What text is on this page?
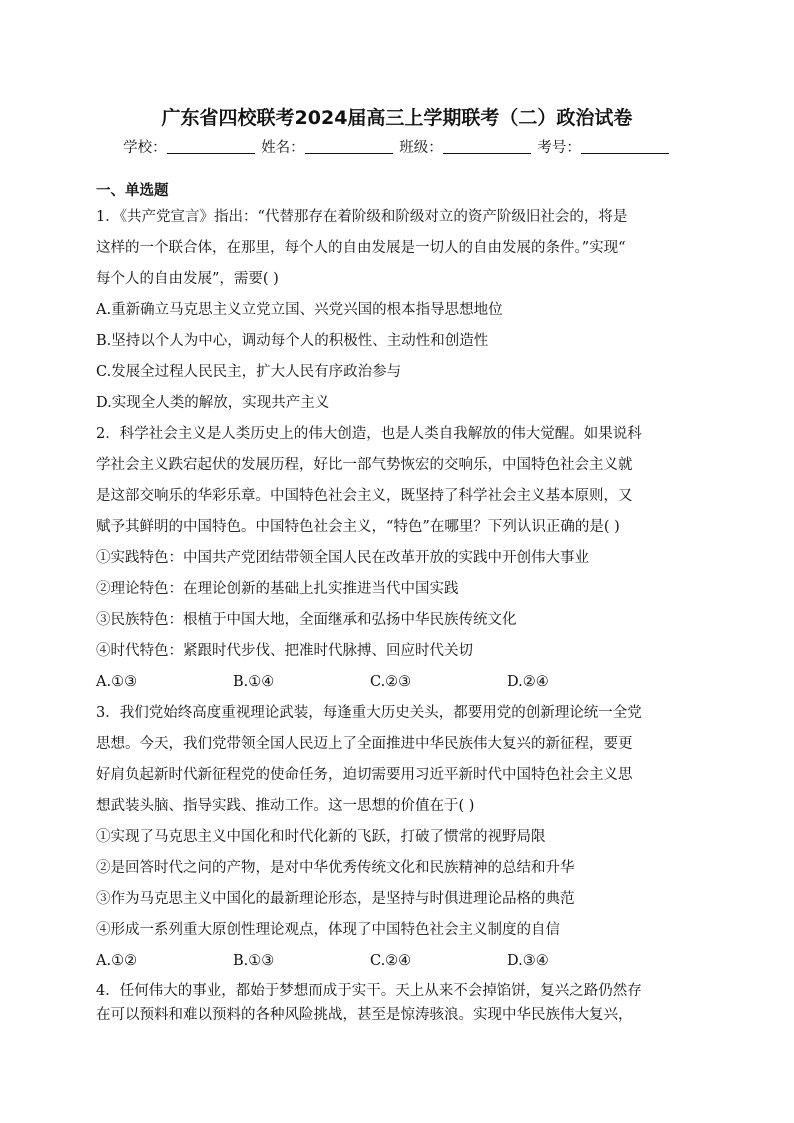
广东省四校联考2024届高三上学期联考（二）政治试卷
学校：	姓名：	班级：	考号：
一、单选题

1．《共产党宣言》指出：“代替那存在着阶级和阶级对立的资产阶级旧社会的，将是

这样的一个联合体，在那里，每个人的自由发展是一切人的自由发展的条件。”实现“

每个人的自由发展”，需要( )

A.重新确立马克思主义立党立国、兴党兴国的根本指导思想地位

B.坚持以个人为中心，调动每个人的积极性、主动性和创造性

C.发展全过程人民民主，扩大人民有序政治参与

D.实现全人类的解放，实现共产主义

2．科学社会主义是人类历史上的伟大创造，也是人类自我解放的伟大觉醒。如果说科

学社会主义跌宕起伏的发展历程，好比一部气势恢宏的交响乐，中国特色社会主义就

是这部交响乐的华彩乐章。中国特色社会主义，既坚持了科学社会主义基本原则，又

赋予其鲜明的中国特色。中国特色社会主义，“特色”在哪里？下列认识正确的是( )

①实践特色：中国共产党团结带领全国人民在改革开放的实践中开创伟大事业

②理论特色：在理论创新的基础上扎实推进当代中国实践

③民族特色：根植于中国大地，全面继承和弘扬中华民族传统文化

④时代特色：紧跟时代步伐、把准时代脉搏、回应时代关切

A.①③	B.①④	C.②③	D.②④

3．我们党始终高度重视理论武装，每逢重大历史关头，都要用党的创新理论统一全党

思想。今天，我们党带领全国人民迈上了全面推进中华民族伟大复兴的新征程，要更

好肩负起新时代新征程党的使命任务，迫切需要用习近平新时代中国特色社会主义思

想武装头脑、指导实践、推动工作。这一思想的价值在于( )

①实现了马克思主义中国化和时代化新的飞跃，打破了惯常的视野局限

②是回答时代之问的产物，是对中华优秀传统文化和民族精神的总结和升华

③作为马克思主义中国化的最新理论形态，是坚持与时俱进理论品格的典范

④形成一系列重大原创性理论观点，体现了中国特色社会主义制度的自信

A.①②	B.①③	C.②④	D.③④

4．任何伟大的事业，都始于梦想而成于实干。天上从来不会掉馅饼，复兴之路仍然存

在可以预料和难以预料的各种风险挑战，甚至是惊涛骇浪。实现中华民族伟大复兴，
